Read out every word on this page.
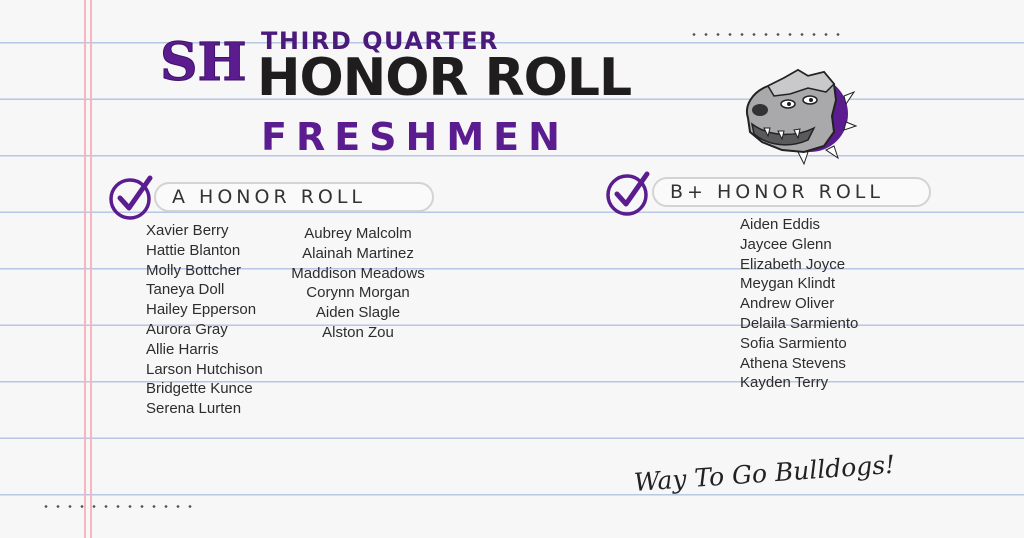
SH THIRD QUARTER
HONOR ROLL
FRESHMEN
A HONOR ROLL
Xavier Berry
Hattie Blanton
Molly Bottcher
Taneya Doll
Hailey Epperson
Aurora Gray
Allie Harris
Larson Hutchison
Bridgette Kunce
Serena Lurten
Aubrey Malcolm
Alainah Martinez
Maddison Meadows
Corynn Morgan
Aiden Slagle
Alston Zou
B+ HONOR ROLL
Aiden Eddis
Jaycee Glenn
Elizabeth Joyce
Meygan Klindt
Andrew Oliver
Delaila Sarmiento
Sofia Sarmiento
Athena Stevens
Kayden Terry
Way To Go Bulldogs!
